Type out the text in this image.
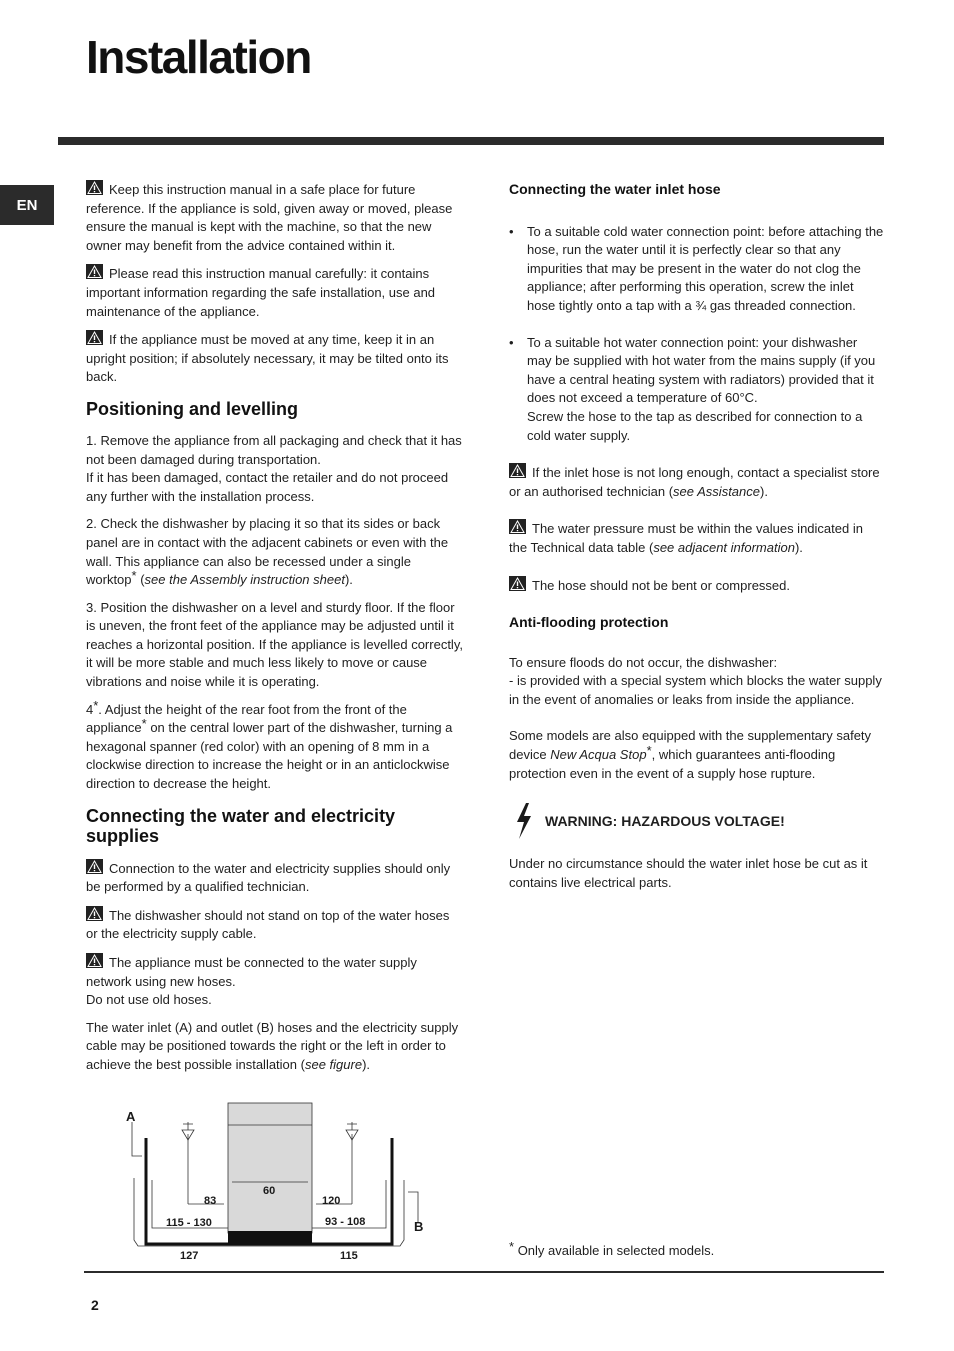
Installation
EN

Keep this instruction manual in a safe place for future reference. If the appliance is sold, given away or moved, please ensure the manual is kept with the machine, so that the new owner may benefit from the advice contained within it.

Please read this instruction manual carefully: it contains important information regarding the safe installation, use and maintenance of the appliance.

If the appliance must be moved at any time, keep it in an upright position; if absolutely necessary, it may be tilted onto its back.

Positioning and levelling

1. Remove the appliance from all packaging and check that it has not been damaged during transportation.
If it has been damaged, contact the retailer and do not proceed any further with the installation process.

2. Check the dishwasher by placing it so that its sides or back panel are in contact with the adjacent cabinets or even with the wall. This appliance can also be recessed under a single worktop* (see the Assembly instruction sheet).

3. Position the dishwasher on a level and sturdy floor. If the floor is uneven, the front feet of the appliance may be adjusted until it reaches a horizontal position. If the appliance is levelled correctly, it will be more stable and much less likely to move or cause vibrations and noise while it is operating.

4*. Adjust the height of the rear foot from the front of the appliance* on the central lower part of the dishwasher, turning a hexagonal spanner (red color) with an opening of 8 mm in a clockwise direction to increase the height or in an anticlockwise direction to decrease the height.

Connecting the water and electricity supplies

Connection to the water and electricity supplies should only be performed by a qualified technician.

The dishwasher should not stand on top of the water hoses or the electricity supply cable.

The appliance must be connected to the water supply network using new hoses.
Do not use old hoses.

The water inlet (A) and outlet (B) hoses and the electricity supply cable may be positioned towards the right or the left in order to achieve the best possible installation (see figure).

Connecting the water inlet hose
• To a suitable cold water connection point: before attaching the hose, run the water until it is perfectly clear so that any impurities that may be present in the water do not clog the appliance; after performing this operation, screw the inlet hose tightly onto a tap with a ¾ gas threaded connection.
• To a suitable hot water connection point: your dishwasher may be supplied with hot water from the mains supply (if you have a central heating system with radiators) provided that it does not exceed a temperature of 60°C.
Screw the hose to the tap as described for connection to a cold water supply.

If the inlet hose is not long enough, contact a specialist store or an authorised technician (see Assistance).

The water pressure must be within the values indicated in the Technical data table (see adjacent information).

The hose should not be bent or compressed.

Anti-flooding protection

To ensure floods do not occur, the dishwasher:
- is provided with a special system which blocks the water supply in the event of anomalies or leaks from inside the appliance.

Some models are also equipped with the supplementary safety device New Acqua Stop*, which guarantees anti-flooding protection even in the event of a supply hose rupture.

WARNING: HAZARDOUS VOLTAGE!

Under no circumstance should the water inlet hose be cut as it contains live electrical parts.

A
B
83
60
120
115 - 130	93 - 108
127	115
* Only available in selected models.
2
